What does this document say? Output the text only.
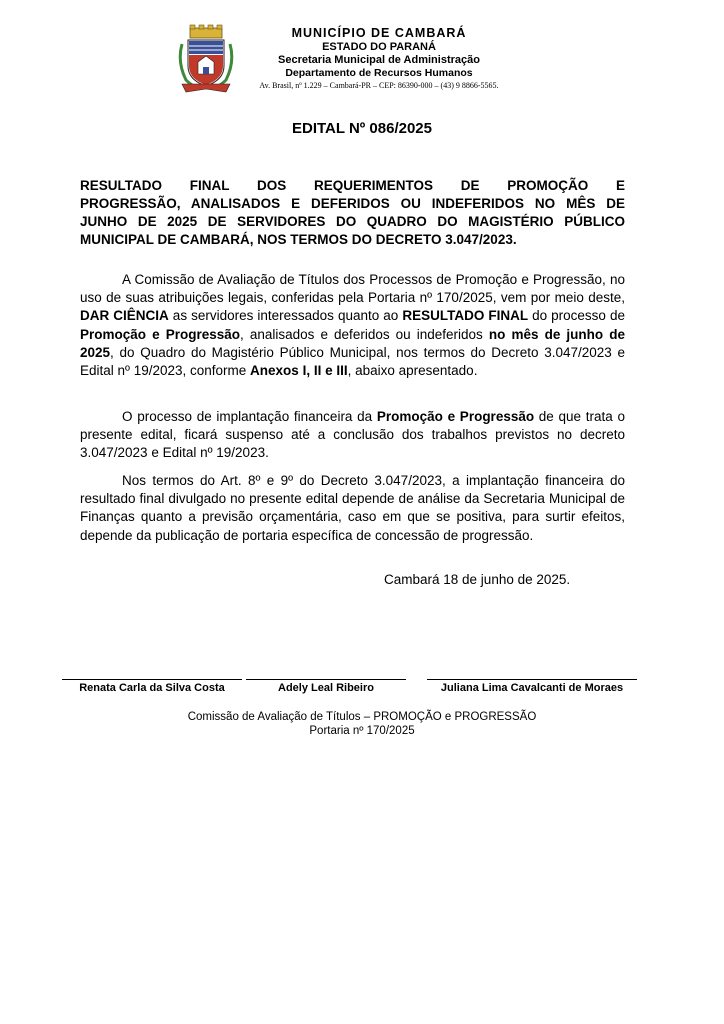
MUNICÍPIO DE CAMBARÁ
ESTADO DO PARANÁ
Secretaria Municipal de Administração
Departamento de Recursos Humanos
Av. Brasil, nº 1.229 – Cambará-PR – CEP: 86390-000 – (43) 9 8866-5565.
EDITAL Nº 086/2025
RESULTADO FINAL DOS REQUERIMENTOS DE PROMOÇÃO E
PROGRESSÃO, ANALISADOS E DEFERIDOS OU INDEFERIDOS NO MÊS DE
JUNHO DE 2025 DE SERVIDORES DO QUADRO DO MAGISTÉRIO PÚBLICO
MUNICIPAL DE CAMBARÁ, NOS TERMOS DO DECRETO 3.047/2023.

A Comissão de Avaliação de Títulos dos Processos de Promoção e Progressão, no uso de suas atribuições legais, conferidas pela Portaria nº 170/2025, vem por meio deste, DAR CIÊNCIA as servidores interessados quanto ao RESULTADO FINAL do processo de Promoção e Progressão, analisados e deferidos ou indeferidos no mês de junho de 2025, do Quadro do Magistério Público Municipal, nos termos do Decreto 3.047/2023 e Edital nº 19/2023, conforme Anexos I, II e III, abaixo apresentado.

O processo de implantação financeira da Promoção e Progressão de que trata o presente edital, ficará suspenso até a conclusão dos trabalhos previstos no decreto 3.047/2023 e Edital nº 19/2023.

Nos termos do Art. 8º e 9º do Decreto 3.047/2023, a implantação financeira do resultado final divulgado no presente edital depende de análise da Secretaria Municipal de Finanças quanto a previsão orçamentária, caso em que se positiva, para surtir efeitos, depende da publicação de portaria específica de concessão de progressão.

Cambará 18 de junho de 2025.
Renata Carla da Silva Costa	Adely Leal Ribeiro	Juliana Lima Cavalcanti de Moraes
Comissão de Avaliação de Títulos – PROMOÇÃO e PROGRESSÃO
Portaria nº 170/2025
